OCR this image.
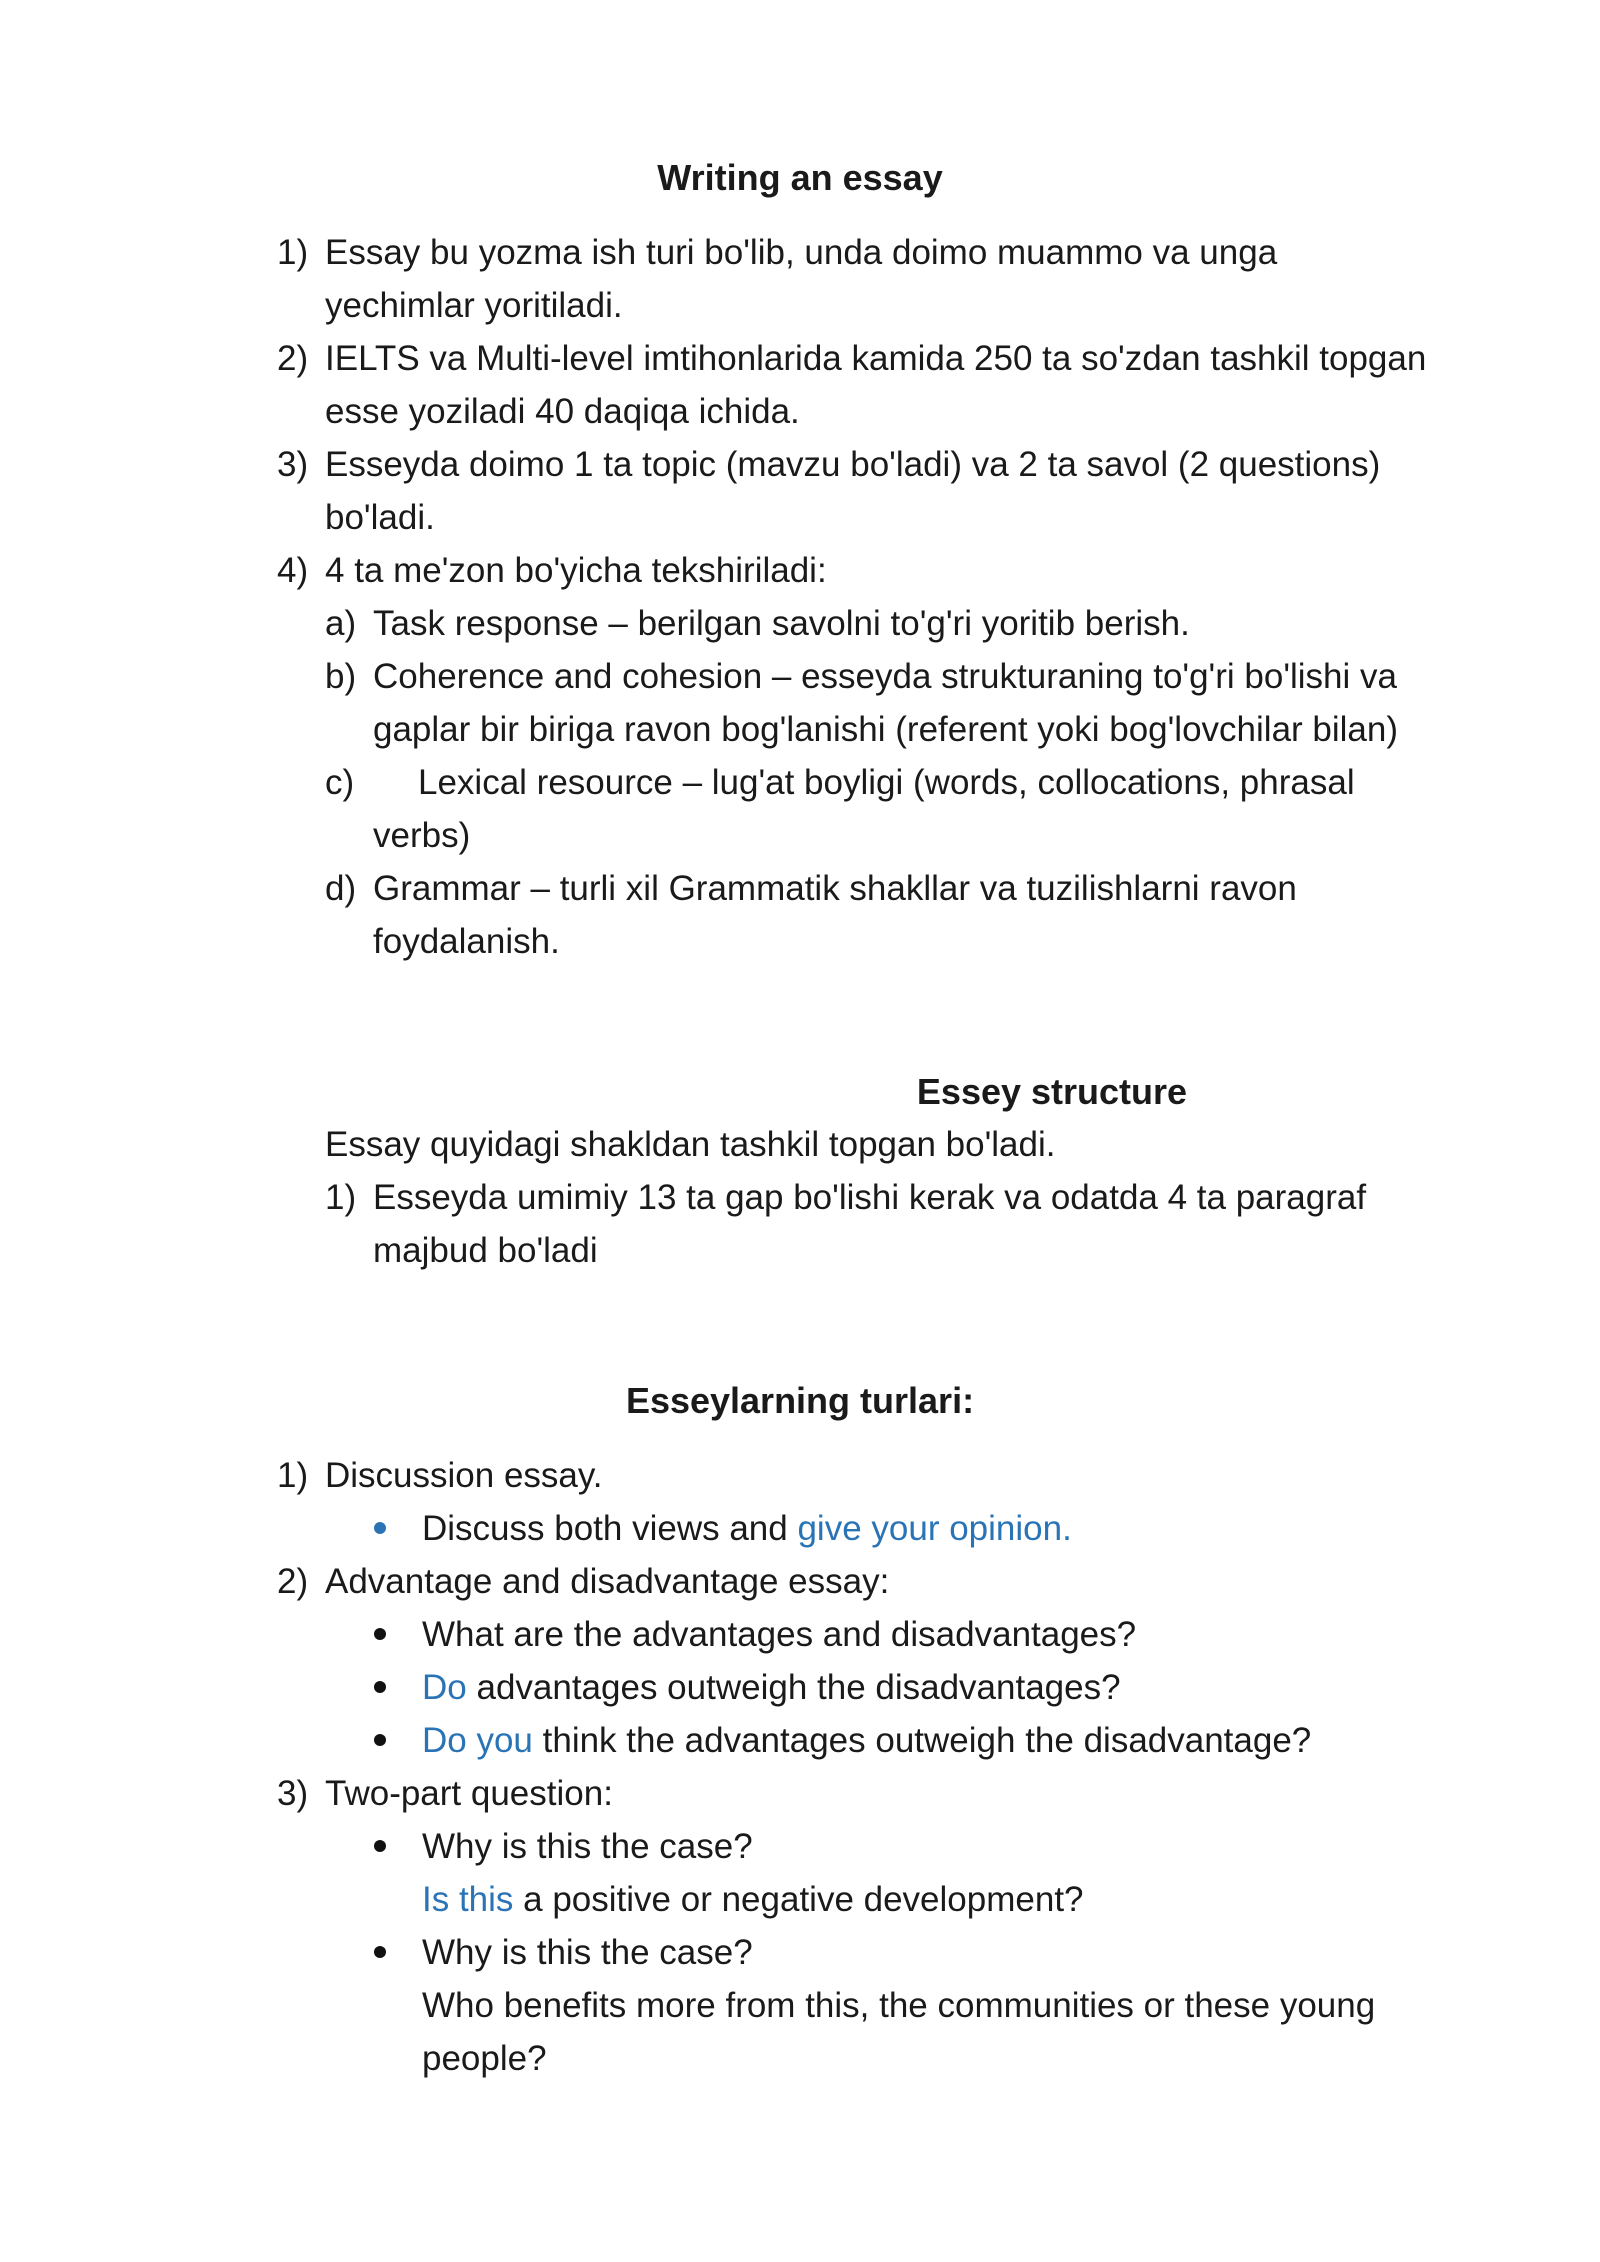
Writing an essay
1) Essay bu yozma ish turi bo'lib, unda doimo muammo va unga
yechimlar yoritiladi.
2) IELTS va Multi-level imtihonlarida kamida 250 ta so'zdan tashkil topgan
esse yoziladi 40 daqiqa ichida.
3) Esseyda doimo 1 ta topic (mavzu bo'ladi) va 2 ta savol (2 questions)
bo'ladi.
4) 4 ta me'zon bo'yicha tekshiriladi:
a) Task response – berilgan savolni to'g'ri yoritib berish.
b) Coherence and cohesion – esseyda strukturaning to'g'ri bo'lishi va
gaplar bir biriga ravon bog'lanishi (referent yoki bog'lovchilar bilan)
c) Lexical resource – lug'at boyligi (words, collocations, phrasal
verbs)
d) Grammar – turli xil Grammatik shakllar va tuzilishlarni ravon
foydalanish.
Essey structure
Essay quyidagi shakldan tashkil topgan bo'ladi.
1) Esseyda umimiy 13 ta gap bo'lishi kerak va odatda 4 ta paragraf
majbud bo'ladi
Esseylarning turlari:
1) Discussion essay.
Discuss both views and give your opinion.
2) Advantage and disadvantage essay:
What are the advantages and disadvantages?
Do advantages outweigh the disadvantages?
Do you think the advantages outweigh the disadvantage?
3) Two-part question:
Why is this the case?
Is this a positive or negative development?
Why is this the case?
Who benefits more from this, the communities or these young
people?
